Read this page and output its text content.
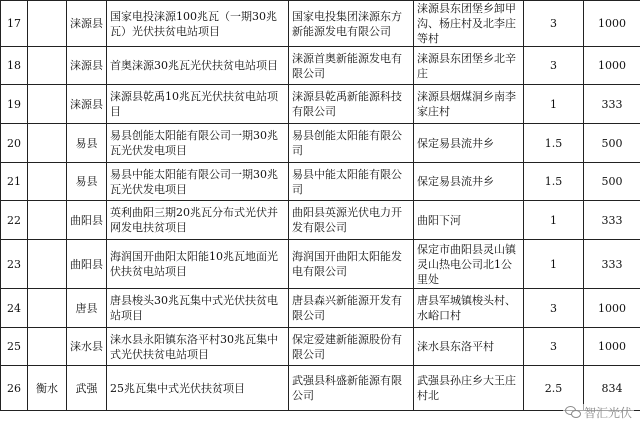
17		涞源县	国家电投涞源100兆瓦（一期30兆瓦）光伏扶贫电站项目	国家电投集团涞源东方新能源发电有限公司	涞源县东团堡乡卸甲沟、杨庄村及北李庄等村	3	1000
18		涞源县	首奥涞源30兆瓦光伏扶贫电站项目	涞源首奥新能源发电有限公司	涞源县东团堡乡北辛庄	3	1000
19		涞源县	涞源县乾禹10兆瓦光伏扶贫电站项目	涞源县乾禹新能源科技有限公司	涞源县烟煤洞乡南李家庄村	1	333
20		易县	易县创能太阳能有限公司一期30兆瓦光伏发电项目	易县创能太阳能有限公司	保定易县流井乡	1.5	500
21		易县	易县中能太阳能有限公司一期30兆瓦光伏发电项目	易县中能太阳能有限公司	保定易县流井乡	1.5	500
22		曲阳县	英利曲阳三期20兆瓦分布式光伏并网发电扶贫项目	曲阳县英源光伏电力开发有限公司	曲阳下河	1	333
23		曲阳县	海润国开曲阳太阳能10兆瓦地面光伏扶贫电站项目	海润国开曲阳太阳能发电有限公司	保定市曲阳县灵山镇灵山热电公司北1公里处	1	333
24		唐县	唐县梭头30兆瓦集中式光伏扶贫电站项目	唐县森兴新能源开发有限公司	唐县军城镇梭头村、水峪口村	3	1000
25		涞水县	涞水县永阳镇东洛平村30兆瓦集中式光伏扶贫电站项目	保定爱建新能源股份有限公司	涞水县东洛平村	3	1000
26	衡水	武强	25兆瓦集中式光伏扶贫项目	武强县科盛新能源有限公司	武强县孙庄乡大王庄村北	2.5	834
智汇光伏
